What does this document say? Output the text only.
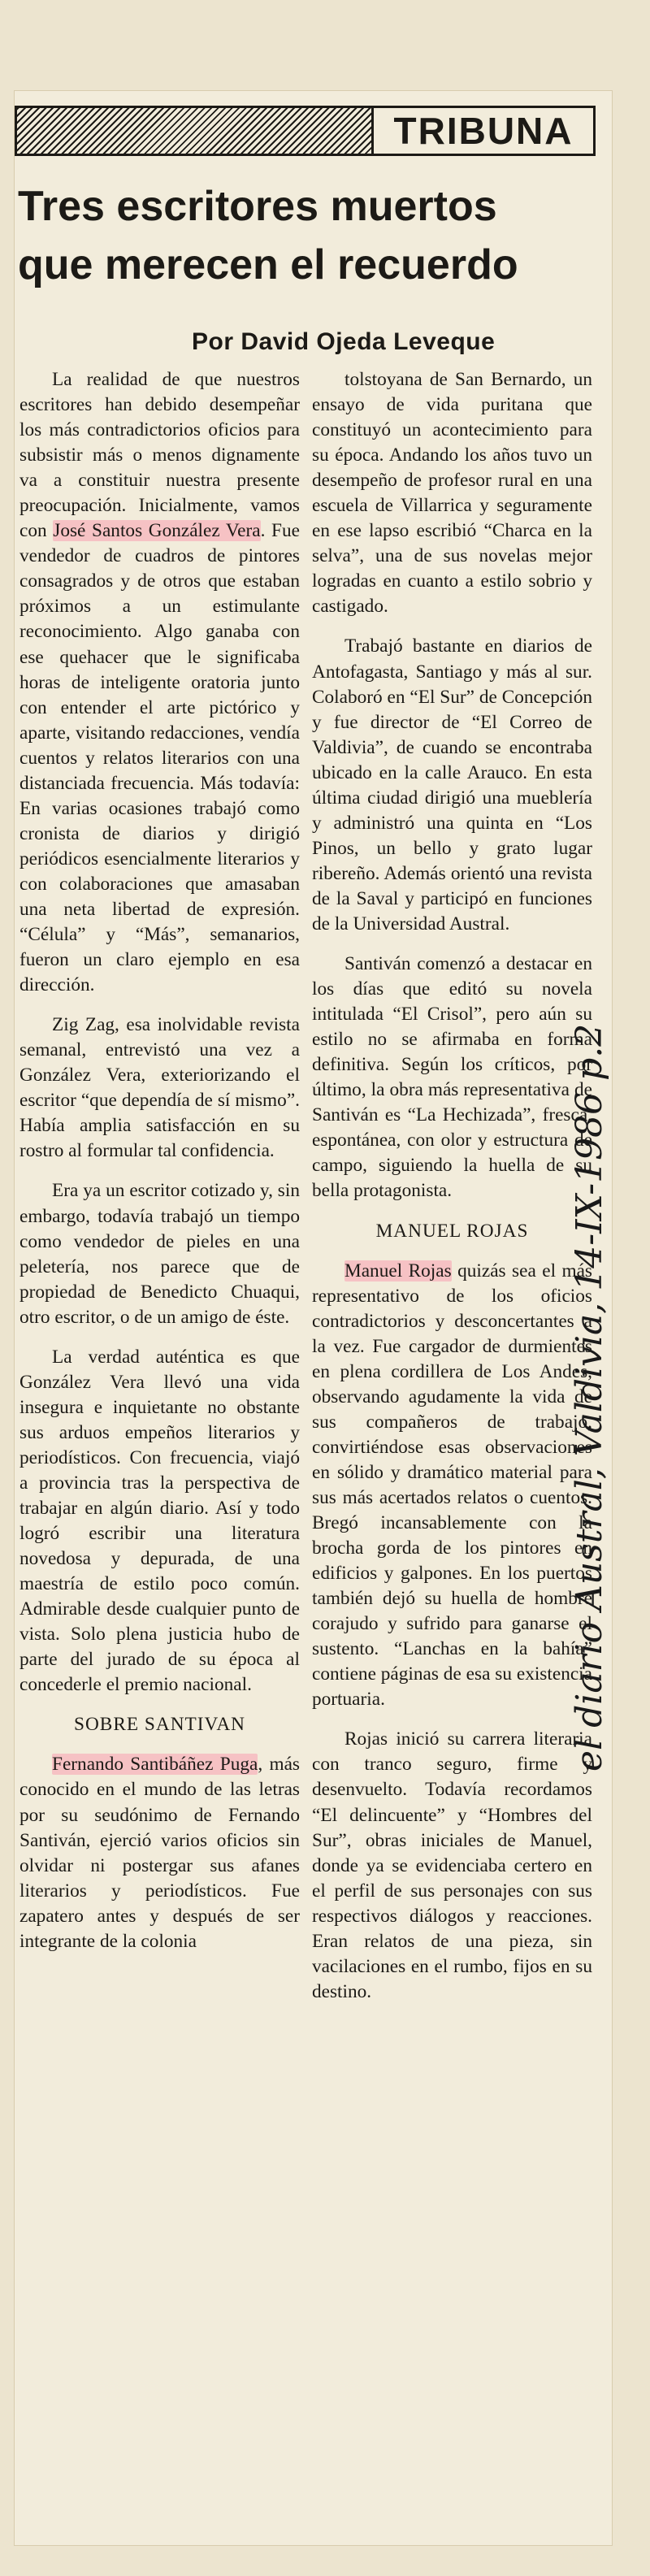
TRIBUNA
Tres escritores muertos
que merecen el recuerdo
Por David Ojeda Leveque

La realidad de que nuestros escritores han debido desempeñar los más contradictorios oficios para subsistir más o menos dignamente va a constituir nuestra presente preocupación. Inicialmente, vamos con José Santos González Vera. Fue vendedor de cuadros de pintores consagrados y de otros que estaban próximos a un estimulante reconocimiento. Algo ganaba con ese quehacer que le significaba horas de inteligente oratoria junto con entender el arte pictórico y aparte, visitando redacciones, vendía cuentos y relatos literarios con una distanciada frecuencia. Más todavía: En varias ocasiones trabajó como cronista de diarios y dirigió periódicos esencialmente literarios y con colaboraciones que amasaban una neta libertad de expresión. “Célula” y “Más”, semanarios, fueron un claro ejemplo en esa dirección.

Zig Zag, esa inolvidable revista semanal, entrevistó una vez a González Vera, exteriorizando el escritor “que dependía de sí mismo”. Había amplia satisfacción en su rostro al formular tal confidencia.

Era ya un escritor cotizado y, sin embargo, todavía trabajó un tiempo como vendedor de pieles en una peletería, nos parece que de propiedad de Benedicto Chuaqui, otro escritor, o de un amigo de éste.

La verdad auténtica es que González Vera llevó una vida insegura e inquietante no obstante sus arduos empeños literarios y periodísticos. Con frecuencia, viajó a provincia tras la perspectiva de trabajar en algún diario. Así y todo logró escribir una literatura novedosa y depurada, de una maestría de estilo poco común. Admirable desde cualquier punto de vista. Solo plena justicia hubo de parte del jurado de su época al concederle el premio nacional.

SOBRE SANTIVAN

Fernando Santibáñez Puga, más conocido en el mundo de las letras por su seudónimo de Fernando Santiván, ejerció varios oficios sin olvidar ni postergar sus afanes literarios y periodísticos. Fue zapatero antes y después de ser integrante de la colonia

tolstoyana de San Bernardo, un ensayo de vida puritana que constituyó un acontecimiento para su época. Andando los años tuvo un desempeño de profesor rural en una escuela de Villarrica y seguramente en ese lapso escribió “Charca en la selva”, una de sus novelas mejor logradas en cuanto a estilo sobrio y castigado.

Trabajó bastante en diarios de Antofagasta, Santiago y más al sur. Colaboró en “El Sur” de Concepción y fue director de “El Correo de Valdivia”, de cuando se encontraba ubicado en la calle Arauco. En esta última ciudad dirigió una mueblería y administró una quinta en “Los Pinos, un bello y grato lugar ribereño. Además orientó una revista de la Saval y participó en funciones de la Universidad Austral.

Santiván comenzó a destacar en los días que editó su novela intitulada “El Crisol”, pero aún su estilo no se afirmaba en forma definitiva. Según los críticos, por último, la obra más representativa de Santiván es “La Hechizada”, fresca, espontánea, con olor y estructura de campo, siguiendo la huella de su bella protagonista.

MANUEL ROJAS

Manuel Rojas quizás sea el más representativo de los oficios contradictorios y desconcertantes a la vez. Fue cargador de durmientes en plena cordillera de Los Andes, observando agudamente la vida de sus compañeros de trabajo, convirtiéndose esas observaciones en sólido y dramático material para sus más acertados relatos o cuentos. Bregó incansablemente con la brocha gorda de los pintores en edificios y galpones. En los puertos también dejó su huella de hombre corajudo y sufrido para ganarse el sustento. “Lanchas en la bahía” contiene páginas de esa su existencia portuaria.

Rojas inició su carrera literaria con tranco seguro, firme y desenvuelto. Todavía recordamos “El delincuente” y “Hombres del Sur”, obras iniciales de Manuel, donde ya se evidenciaba certero en el perfil de sus personajes con sus respectivos diálogos y reacciones. Eran relatos de una pieza, sin vacilaciones en el rumbo, fijos en su destino.

el diario Austral, Valdivia, 14-IX-1986 p.2
